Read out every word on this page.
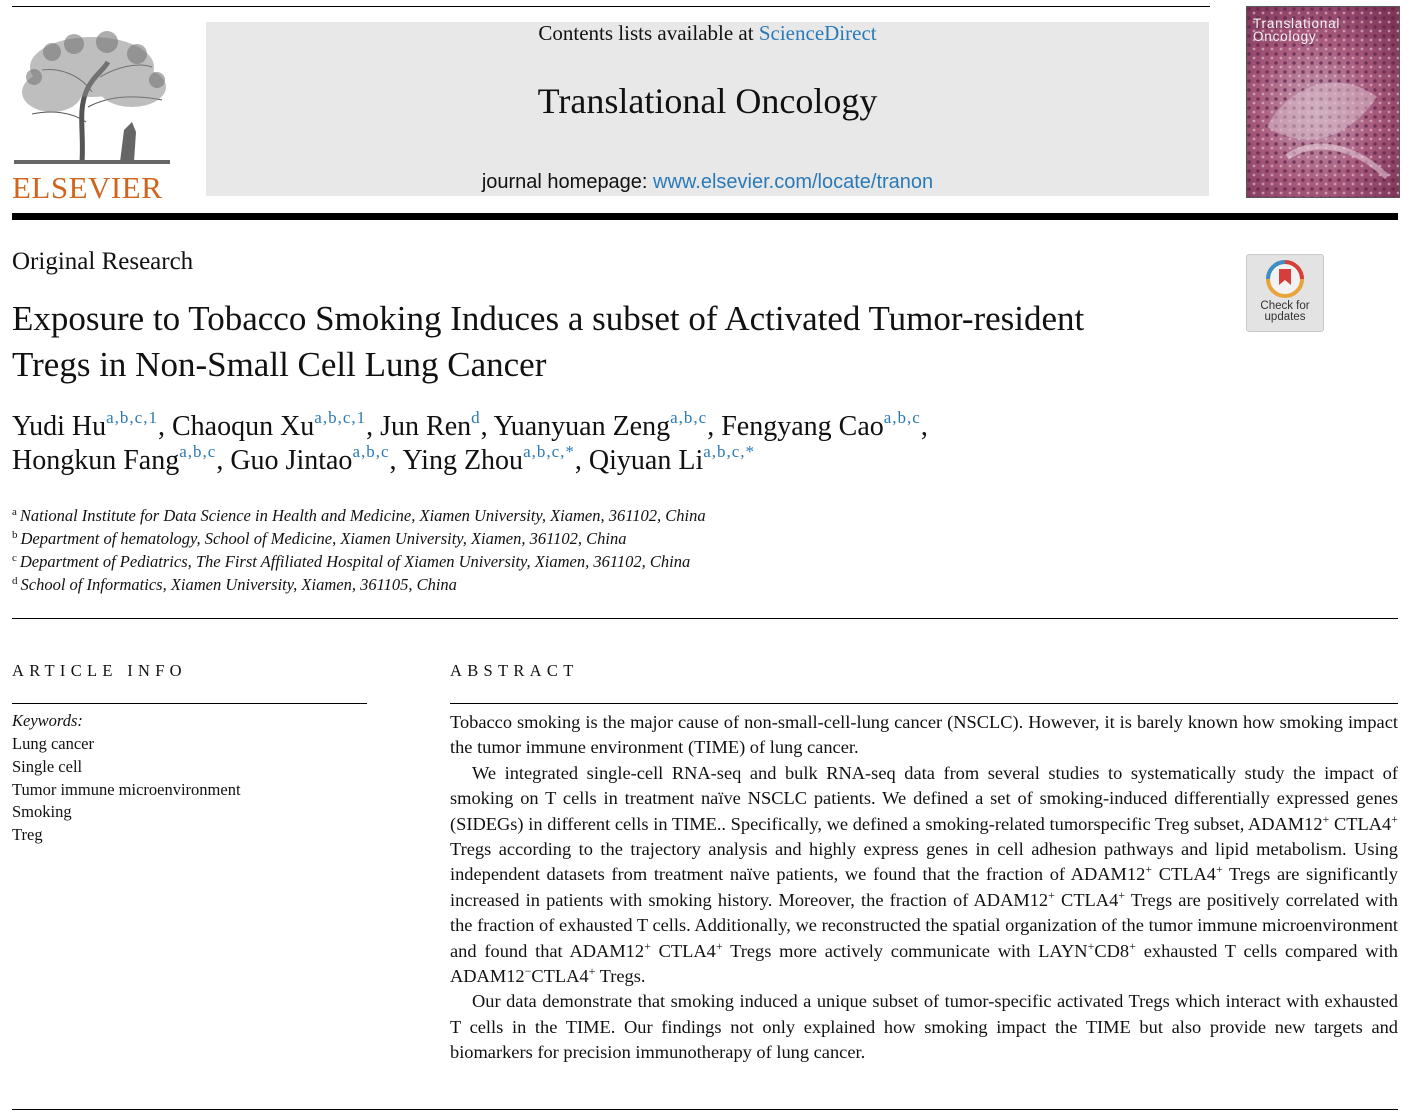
ELSEVIER
Contents lists available at ScienceDirect
Translational Oncology
journal homepage: www.elsevier.com/locate/tranon
Translational
Oncology
Original Research
Exposure to Tobacco Smoking Induces a subset of Activated Tumor-resident
Tregs in Non-Small Cell Lung Cancer
Check for
updates
Yudi Hu$^{a,b,c,1}$, Chaoqun Xu$^{a,b,c,1}$, Jun Ren$^d$, Yuanyuan Zeng$^{a,b,c}$, Fengyang Cao$^{a,b,c}$,
Hongkun Fang$^{a,b,c}$, Guo Jintao$^{a,b,c}$, Ying Zhou$^{a,b,c,*}$, Qiyuan Li$^{a,b,c,*}$
$^a$ National Institute for Data Science in Health and Medicine, Xiamen University, Xiamen, 361102, China
$^b$ Department of hematology, School of Medicine, Xiamen University, Xiamen, 361102, China
$^c$ Department of Pediatrics, The First Affiliated Hospital of Xiamen University, Xiamen, 361102, China
$^d$ School of Informatics, Xiamen University, Xiamen, 361105, China
ARTICLE INFO
Keywords:
Lung cancer
Single cell
Tumor immune microenvironment
Smoking
Treg
ABSTRACT

Tobacco smoking is the major cause of non-small-cell-lung cancer (NSCLC). However, it is barely known how smoking impact the tumor immune environment (TIME) of lung cancer.

We integrated single-cell RNA-seq and bulk RNA-seq data from several studies to systematically study the impact of smoking on T cells in treatment naïve NSCLC patients. We defined a set of smoking-induced differentially expressed genes (SIDEGs) in different cells in TIME.. Specifically, we defined a smoking-related tumorspecific Treg subset, ADAM12+ CTLA4+ Tregs according to the trajectory analysis and highly express genes in cell adhesion pathways and lipid metabolism. Using independent datasets from treatment naïve patients, we found that the fraction of ADAM12+ CTLA4+ Tregs are significantly increased in patients with smoking history. Moreover, the fraction of ADAM12+ CTLA4+ Tregs are positively correlated with the fraction of exhausted T cells. Additionally, we reconstructed the spatial organization of the tumor immune microenvironment and found that ADAM12+ CTLA4+ Tregs more actively communicate with LAYN+CD8+ exhausted T cells compared with ADAM12−CTLA4+ Tregs.

Our data demonstrate that smoking induced a unique subset of tumor-specific activated Tregs which interact with exhausted T cells in the TIME. Our findings not only explained how smoking impact the TIME but also provide new targets and biomarkers for precision immunotherapy of lung cancer.
